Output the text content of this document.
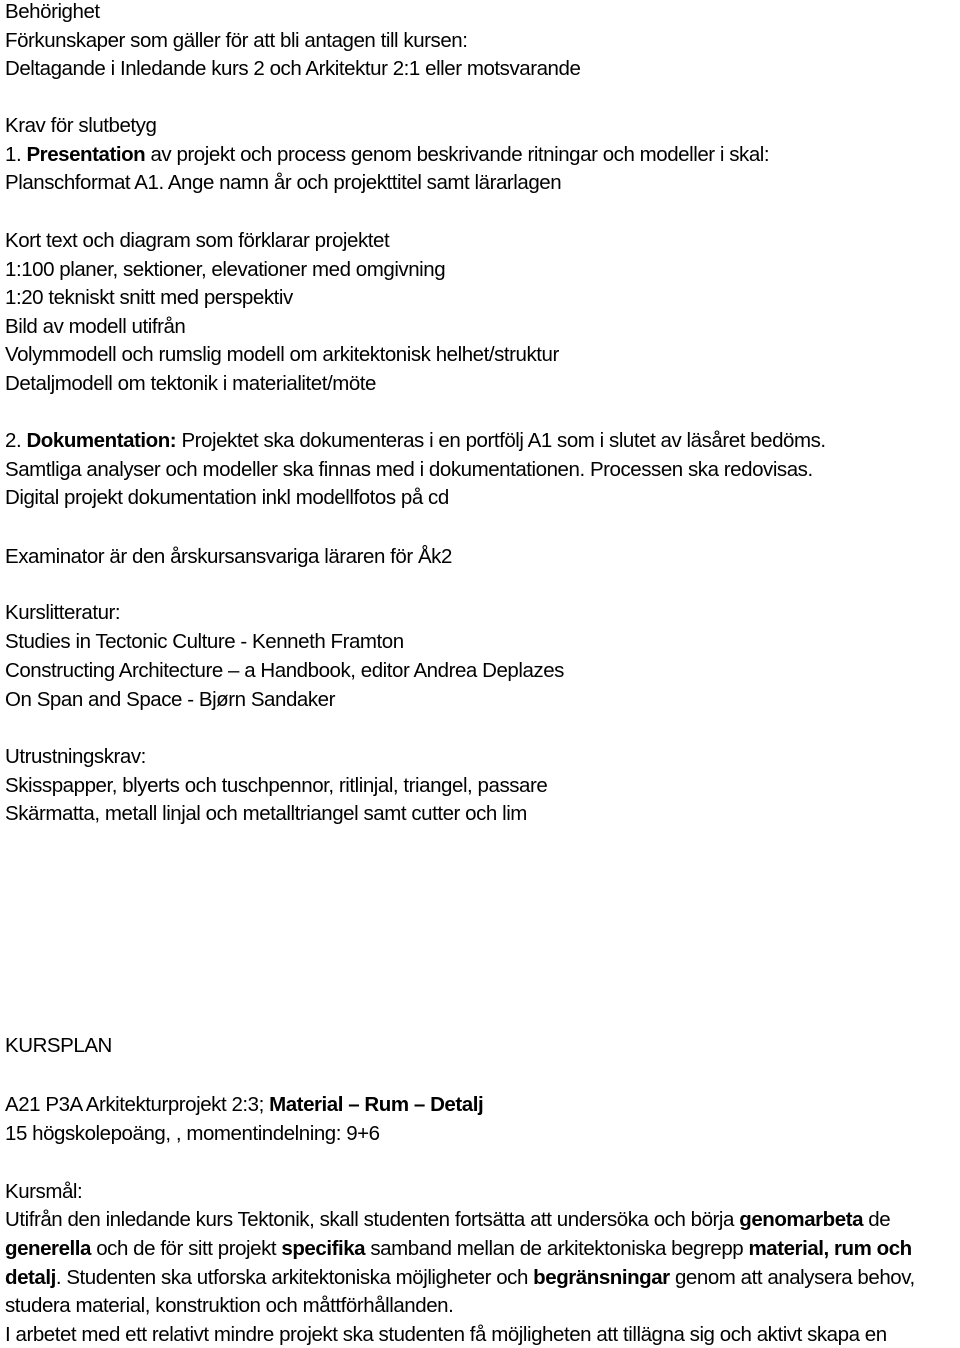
Behörighet
Förkunskaper som gäller för att bli antagen till kursen:
Deltagande i Inledande kurs 2 och Arkitektur 2:1 eller motsvarande
Krav för slutbetyg
1. Presentation av projekt och process genom beskrivande ritningar och modeller i skal:
Planschformat A1. Ange namn år och projekttitel samt lärarlagen
Kort text och diagram som förklarar projektet
1:100 planer, sektioner, elevationer med omgivning
1:20 tekniskt snitt med perspektiv
Bild av modell utifrån
Volymmodell och rumslig modell om arkitektonisk helhet/struktur
Detaljmodell om tektonik i materialitet/möte
2. Dokumentation: Projektet ska dokumenteras i en portfölj A1 som i slutet av läsåret bedöms.
Samtliga analyser och modeller ska finnas med i dokumentationen. Processen ska redovisas.
Digital projekt dokumentation inkl modellfotos på cd
Examinator är den årskursansvariga läraren för Åk2
Kurslitteratur:
Studies in Tectonic Culture - Kenneth Framton
Constructing Architecture – a Handbook, editor Andrea Deplazes
On Span and Space - Bjørn Sandaker
Utrustningskrav:
Skisspapper, blyerts och tuschpennor, ritlinjal, triangel, passare
Skärmatta, metall linjal och metalltriangel samt cutter och lim
KURSPLAN
A21 P3A Arkitekturprojekt 2:3; Material – Rum – Detalj
15 högskolepoäng, , momentindelning: 9+6
Kursmål:
Utifrån den inledande kurs Tektonik, skall studenten fortsätta att undersöka och börja genomarbeta de
generella och de för sitt projekt specifika samband mellan de arkitektoniska begrepp material, rum och
detalj. Studenten ska utforska arkitektoniska möjligheter och begränsningar genom att analysera behov,
studera material, konstruktion och måttförhållanden.
I arbetet med ett relativt mindre projekt ska studenten få möjligheten att tillägna sig och aktivt skapa en
